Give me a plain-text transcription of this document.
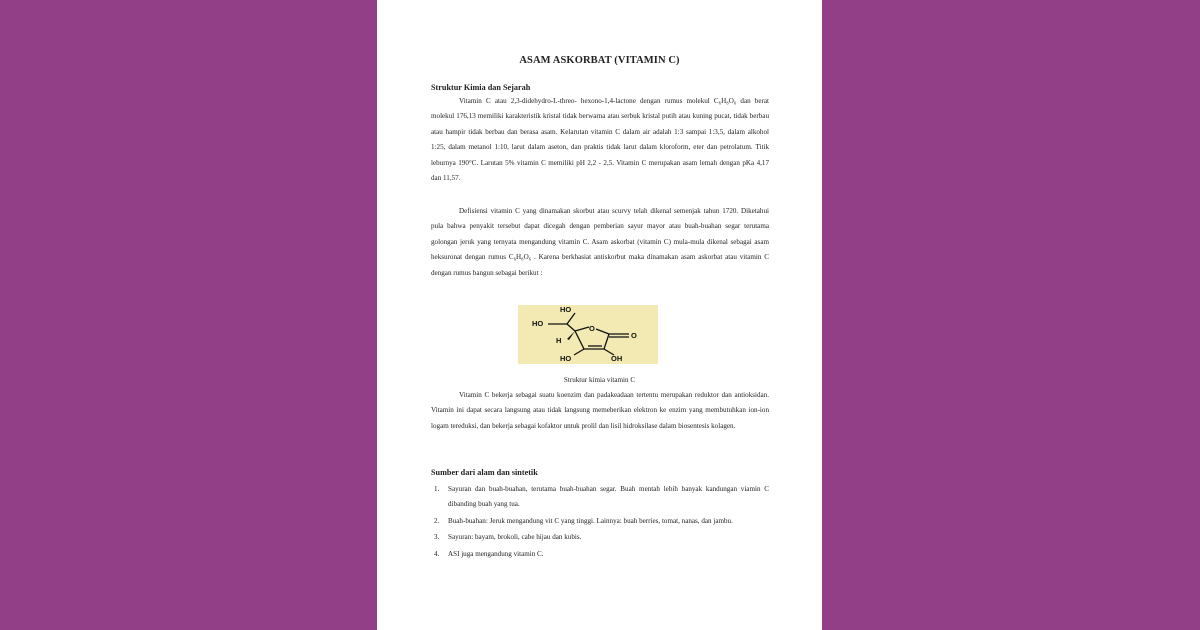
ASAM ASKORBAT (VITAMIN C)
Struktur Kimia dan Sejarah

Vitamin C atau 2,3-didehydro-L-threo- hexono-1,4-lactone dengan rumus molekul C₆H₈O₆ dan berat molekul 176,13 memiliki karakteristik kristal tidak berwarna atau serbuk kristal putih atau kuning pucat, tidak berbau atau hampir tidak berbau dan berasa asam. Kelarutan vitamin C dalam air adalah 1:3 sampai 1:3,5, dalam alkohol 1:25, dalam metanol 1:10, larut dalam aseton, dan praktis tidak larut dalam kloroform, eter dan petrolatum. Titik leburnya 190°C. Larutan 5% vitamin C memiliki pH 2,2 - 2,5. Vitamin C merupakan asam lemah dengan pKa 4,17 dan 11,57.

Defisiensi vitamin C yang dinamakan skorbut atau scurvy telah dikenal semenjak tahun 1720. Diketahui pula bahwa penyakit tersebut dapat dicegah dengan pemberian sayur mayor atau buah-buahan segar terutama golongan jeruk yang ternyata mengandung vitamin C. Asam askorbat (vitamin C) mula-mula dikenal sebagai asam heksuronat dengan rumus C₆H₈O₆ . Karena berkhasiat antiskorbut maka dinamakan asam askorbat atau vitamin C dengan rumus bangun sebagai berikut :

HO
HO
H
O
O
HO	OH
Struktur kimia vitamin C

Vitamin C bekerja sebagai suatu koenzim dan padakeadaan tertentu merupakan reduktor dan antioksidan. Vitamin ini dapat secara langsung atau tidak langsung memeberikan elektron ke enzim yang membutuhkan ion-ion logam tereduksi, dan bekerja sebagai kofaktor untuk prolil dan lisil hidroksilase dalam biosentesis kolagen.

Sumber dari alam dan sintetik
1. Sayuran dan buah-buahan, terutama buah-buahan segar. Buah mentah lebih banyak kandungan viamin C dibanding buah yang tua.
2. Buah-buahan: Jeruk mengandung vit C yang tinggi. Lainnya: buah berries, tomat, nanas, dan jambu.
3. Sayuran: bayam, brokoli, cabe hijau dan kubis.
4. ASI juga mengandung vitamin C.
